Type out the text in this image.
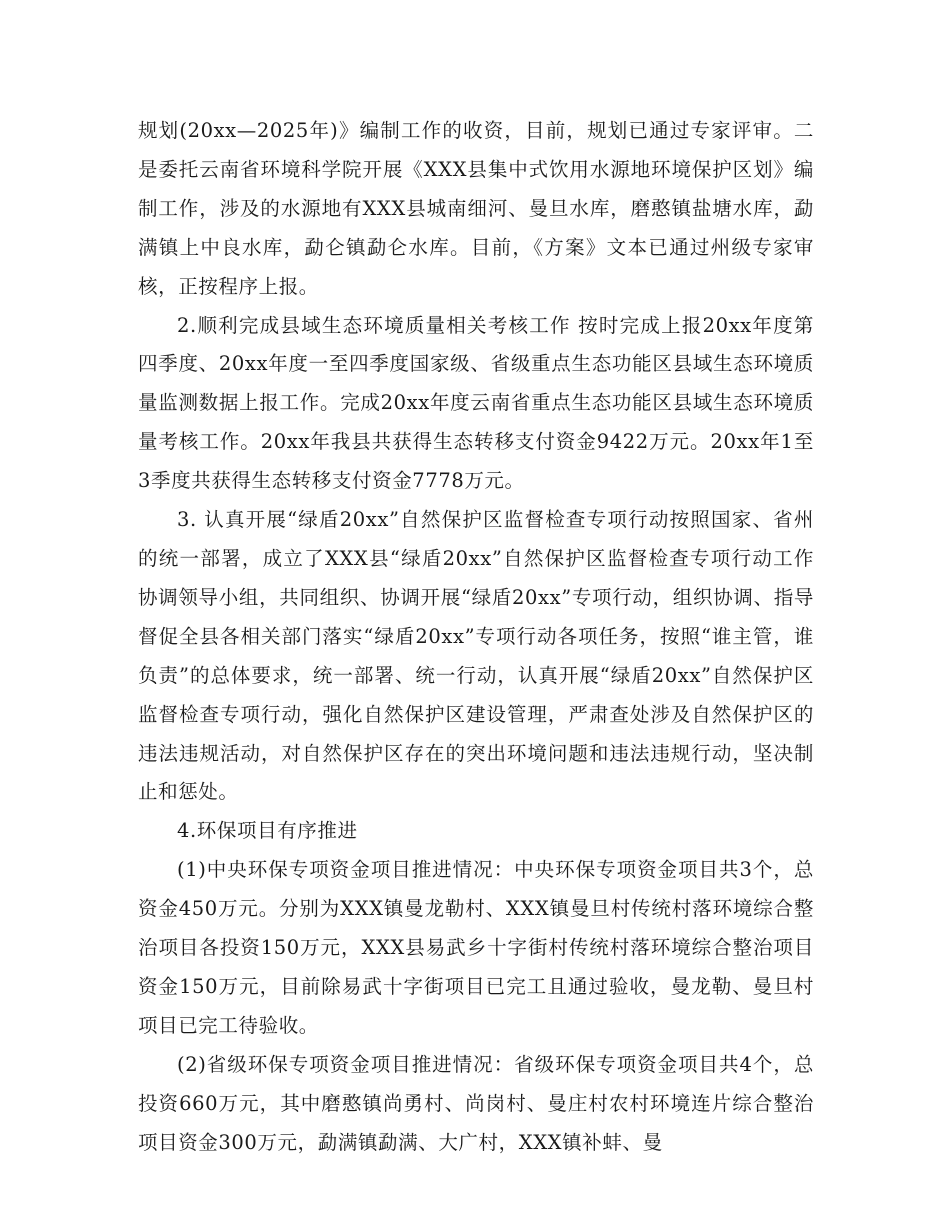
规划(20xx—2025年)》编制工作的收资，目前，规划已通过专家评审。二是委托云南省环境科学院开展《XXX县集中式饮用水源地环境保护区划》编制工作，涉及的水源地有XXX县城南细河、曼旦水库，磨憨镇盐塘水库，勐满镇上中良水库，勐仑镇勐仑水库。目前，《方案》文本已通过州级专家审核，正按程序上报。

2.顺利完成县域生态环境质量相关考核工作 按时完成上报20xx年度第四季度、20xx年度一至四季度国家级、省级重点生态功能区县域生态环境质量监测数据上报工作。完成20xx年度云南省重点生态功能区县域生态环境质量考核工作。20xx年我县共获得生态转移支付资金9422万元。20xx年1至3季度共获得生态转移支付资金7778万元。

3. 认真开展“绿盾20xx”自然保护区监督检查专项行动按照国家、省州的统一部署，成立了XXX县“绿盾20xx”自然保护区监督检查专项行动工作协调领导小组，共同组织、协调开展“绿盾20xx”专项行动，组织协调、指导督促全县各相关部门落实“绿盾20xx”专项行动各项任务，按照“谁主管，谁负责”的总体要求，统一部署、统一行动，认真开展“绿盾20xx”自然保护区监督检查专项行动，强化自然保护区建设管理，严肃查处涉及自然保护区的违法违规活动，对自然保护区存在的突出环境问题和违法违规行动，坚决制止和惩处。

4.环保项目有序推进

(1)中央环保专项资金项目推进情况：中央环保专项资金项目共3个，总资金450万元。分别为XXX镇曼龙勒村、XXX镇曼旦村传统村落环境综合整治项目各投资150万元，XXX县易武乡十字街村传统村落环境综合整治项目资金150万元，目前除易武十字街项目已完工且通过验收，曼龙勒、曼旦村项目已完工待验收。

(2)省级环保专项资金项目推进情况：省级环保专项资金项目共4个，总投资660万元，其中磨憨镇尚勇村、尚岗村、曼庄村农村环境连片综合整治项目资金300万元，勐满镇勐满、大广村，XXX镇补蚌、曼
